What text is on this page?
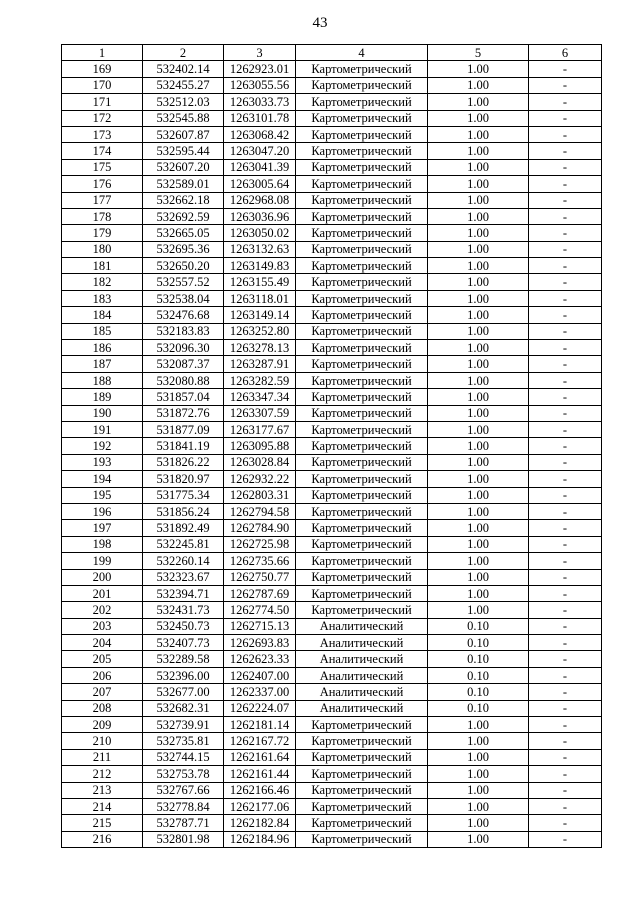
43
1	2	3	4	5	6
169	532402.14	1262923.01	Картометрический	1.00	-
170	532455.27	1263055.56	Картометрический	1.00	-
171	532512.03	1263033.73	Картометрический	1.00	-
172	532545.88	1263101.78	Картометрический	1.00	-
173	532607.87	1263068.42	Картометрический	1.00	-
174	532595.44	1263047.20	Картометрический	1.00	-
175	532607.20	1263041.39	Картометрический	1.00	-
176	532589.01	1263005.64	Картометрический	1.00	-
177	532662.18	1262968.08	Картометрический	1.00	-
178	532692.59	1263036.96	Картометрический	1.00	-
179	532665.05	1263050.02	Картометрический	1.00	-
180	532695.36	1263132.63	Картометрический	1.00	-
181	532650.20	1263149.83	Картометрический	1.00	-
182	532557.52	1263155.49	Картометрический	1.00	-
183	532538.04	1263118.01	Картометрический	1.00	-
184	532476.68	1263149.14	Картометрический	1.00	-
185	532183.83	1263252.80	Картометрический	1.00	-
186	532096.30	1263278.13	Картометрический	1.00	-
187	532087.37	1263287.91	Картометрический	1.00	-
188	532080.88	1263282.59	Картометрический	1.00	-
189	531857.04	1263347.34	Картометрический	1.00	-
190	531872.76	1263307.59	Картометрический	1.00	-
191	531877.09	1263177.67	Картометрический	1.00	-
192	531841.19	1263095.88	Картометрический	1.00	-
193	531826.22	1263028.84	Картометрический	1.00	-
194	531820.97	1262932.22	Картометрический	1.00	-
195	531775.34	1262803.31	Картометрический	1.00	-
196	531856.24	1262794.58	Картометрический	1.00	-
197	531892.49	1262784.90	Картометрический	1.00	-
198	532245.81	1262725.98	Картометрический	1.00	-
199	532260.14	1262735.66	Картометрический	1.00	-
200	532323.67	1262750.77	Картометрический	1.00	-
201	532394.71	1262787.69	Картометрический	1.00	-
202	532431.73	1262774.50	Картометрический	1.00	-
203	532450.73	1262715.13	Аналитический	0.10	-
204	532407.73	1262693.83	Аналитический	0.10	-
205	532289.58	1262623.33	Аналитический	0.10	-
206	532396.00	1262407.00	Аналитический	0.10	-
207	532677.00	1262337.00	Аналитический	0.10	-
208	532682.31	1262224.07	Аналитический	0.10	-
209	532739.91	1262181.14	Картометрический	1.00	-
210	532735.81	1262167.72	Картометрический	1.00	-
211	532744.15	1262161.64	Картометрический	1.00	-
212	532753.78	1262161.44	Картометрический	1.00	-
213	532767.66	1262166.46	Картометрический	1.00	-
214	532778.84	1262177.06	Картометрический	1.00	-
215	532787.71	1262182.84	Картометрический	1.00	-
216	532801.98	1262184.96	Картометрический	1.00	-
